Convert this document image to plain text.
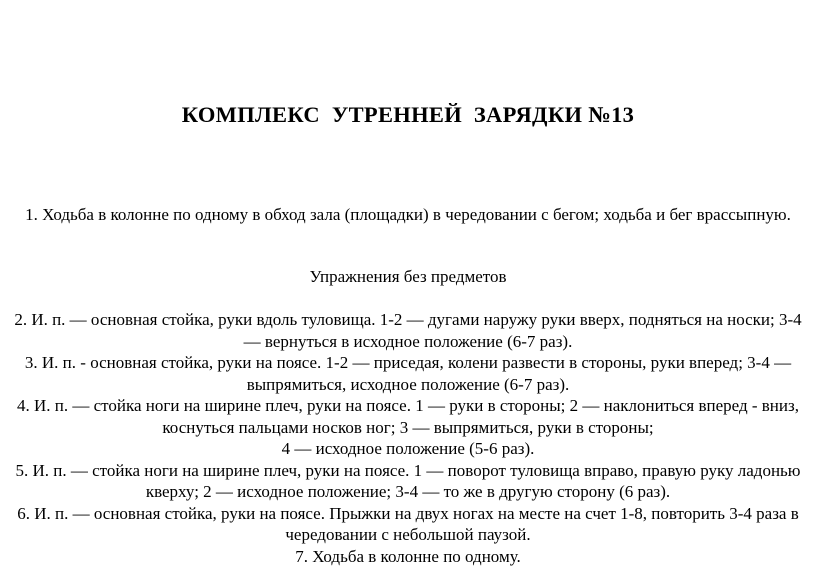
КОМПЛЕКС  УТРЕННЕЙ  ЗАРЯДКИ №13
1. Ходьба в колонне по одному в обход зала (площадки) в чередовании с бегом; ходьба и бег врассыпную.
Упражнения без предметов

2. И. п. — основная стойка, руки вдоль туловища. 1-2 — дугами наружу руки вверх, подняться на носки; 3-4 — вернуться в исходное положение (6-7 раз).

3. И. п. - основная стойка, руки на поясе. 1-2 — приседая, колени развести в стороны, руки вперед; 3-4 — выпрямиться, исходное положение (6-7 раз).

4. И. п. — стойка ноги на ширине плеч, руки на поясе. 1 — руки в стороны; 2 — наклониться вперед - вниз, коснуться пальцами носков ног; 3 — выпрямиться, руки в стороны;

4 — исходное положение (5-6 раз).

5. И. п. — стойка ноги на ширине плеч, руки на поясе. 1 — поворот туловища вправо, правую руку ладонью кверху; 2 — исходное положение; 3-4 — то же в другую сторону (6 раз).

6. И. п. — основная стойка, руки на поясе. Прыжки на двух ногах на месте на счет 1-8, повторить 3-4 раза в чередовании с небольшой паузой.

7. Ходьба в колонне по одному.
